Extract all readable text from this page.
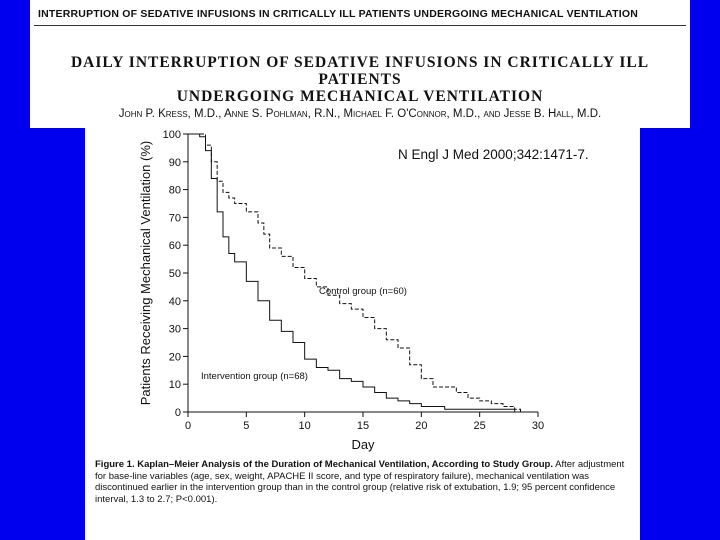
INTERRUPTION OF SEDATIVE INFUSIONS IN CRITICALLY ILL PATIENTS UNDERGOING MECHANICAL VENTILATION
DAILY INTERRUPTION OF SEDATIVE INFUSIONS IN CRITICALLY ILL PATIENTS
UNDERGOING MECHANICAL VENTILATION
John P. Kress, M.D., Anne S. Pohlman, R.N., Michael F. O'Connor, M.D., and Jesse B. Hall, M.D.
0
10
20
30
40
50
60
70
80
90
100
0	5	10	15	20	25	30
Control group (n=60)
Intervention group (n=68)
Day
Patients Receiving Mechanical Ventilation (%)	N Engl J Med 2000;342:1471-7.
Figure 1. Kaplan–Meier Analysis of the Duration of Mechanical Ventilation, According to Study Group. After adjustment for base-line variables (age, sex, weight, APACHE II score, and type of respiratory failure), mechanical ventilation was discontinued earlier in the intervention group than in the control group (relative risk of extubation, 1.9; 95 percent confidence interval, 1.3 to 2.7; P<0.001).
